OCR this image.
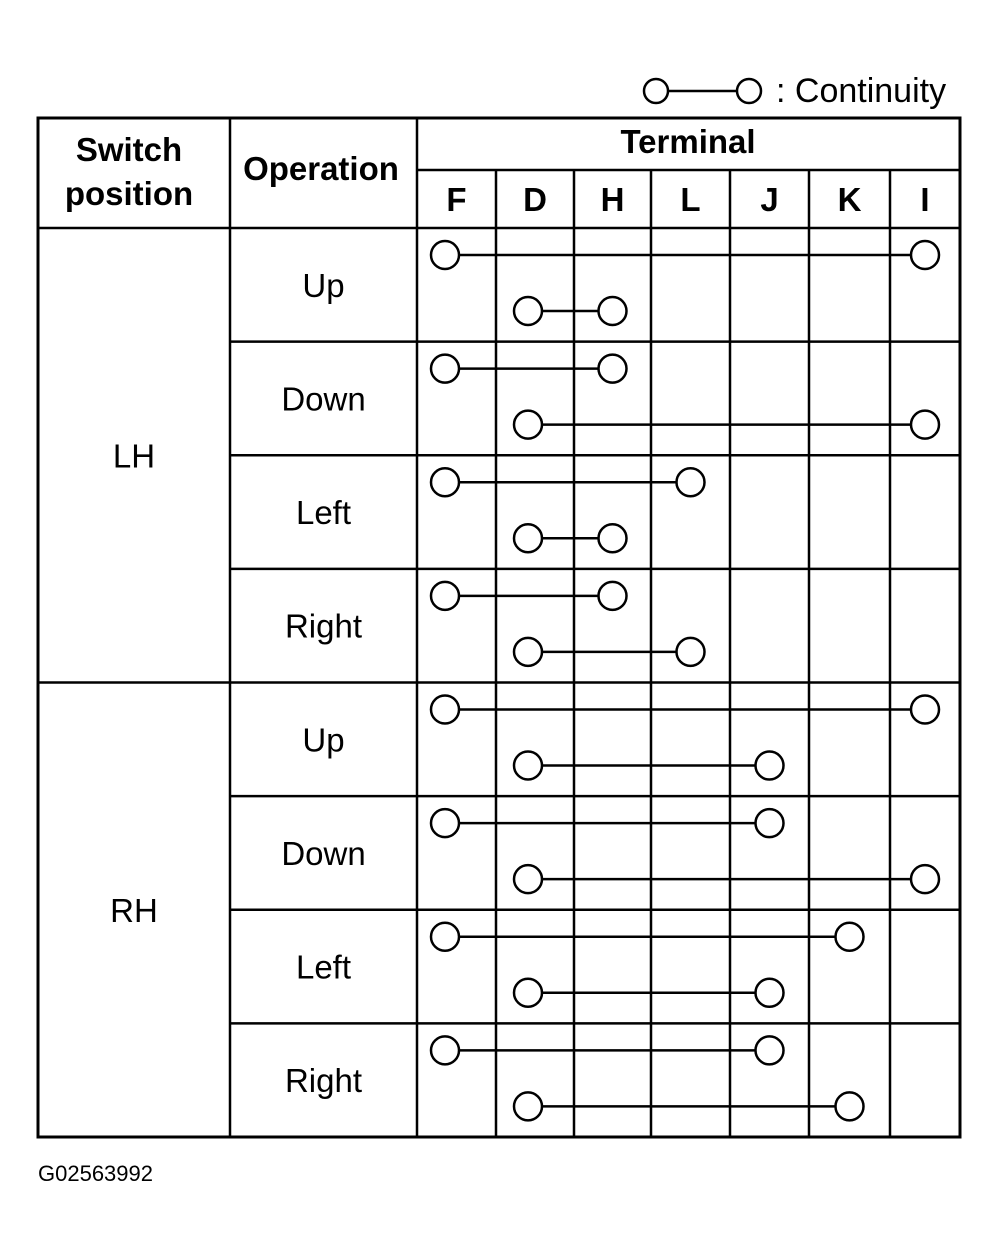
: Continuity
Switch
position
Operation
Terminal
F D H L J K I
LH
RH
Up
Down
Left
Right
Up
Down
Left
Right
G02563992
